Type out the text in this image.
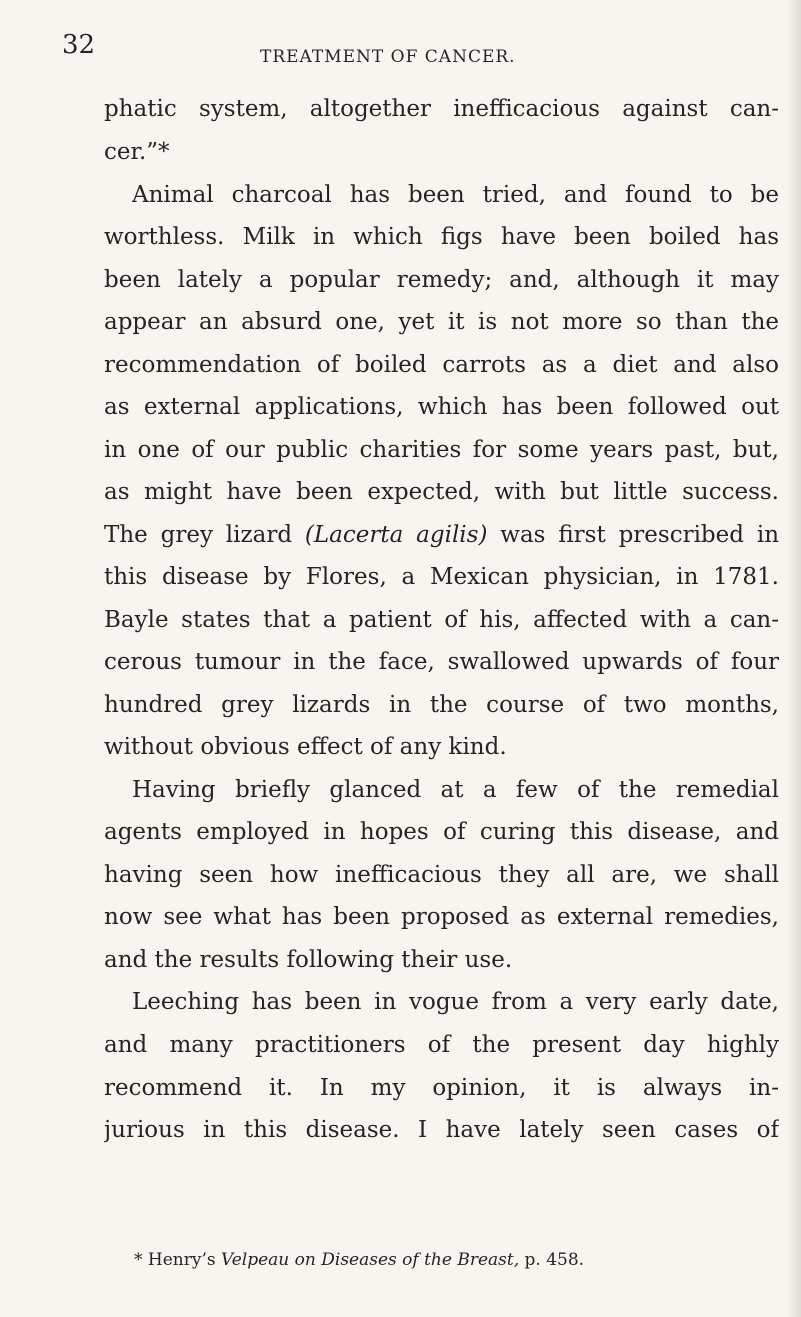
32	TREATMENT OF CANCER.
phatic system, altogether inefficacious against can-
cer.”*
Animal charcoal has been tried, and found to be
worthless. Milk in which figs have been boiled has
been lately a popular remedy; and, although it may
appear an absurd one, yet it is not more so than the
recommendation of boiled carrots as a diet and also
as external applications, which has been followed out
in one of our public charities for some years past, but,
as might have been expected, with but little success.
The grey lizard (Lacerta agilis) was first prescribed in
this disease by Flores, a Mexican physician, in 1781.
Bayle states that a patient of his, affected with a can-
cerous tumour in the face, swallowed upwards of four
hundred grey lizards in the course of two months,
without obvious effect of any kind.
Having briefly glanced at a few of the remedial
agents employed in hopes of curing this disease, and
having seen how inefficacious they all are, we shall
now see what has been proposed as external remedies,
and the results following their use.
Leeching has been in vogue from a very early date,
and many practitioners of the present day highly
recommend it. In my opinion, it is always in-
jurious in this disease. I have lately seen cases of
* Henry’s Velpeau on Diseases of the Breast, p. 458.
